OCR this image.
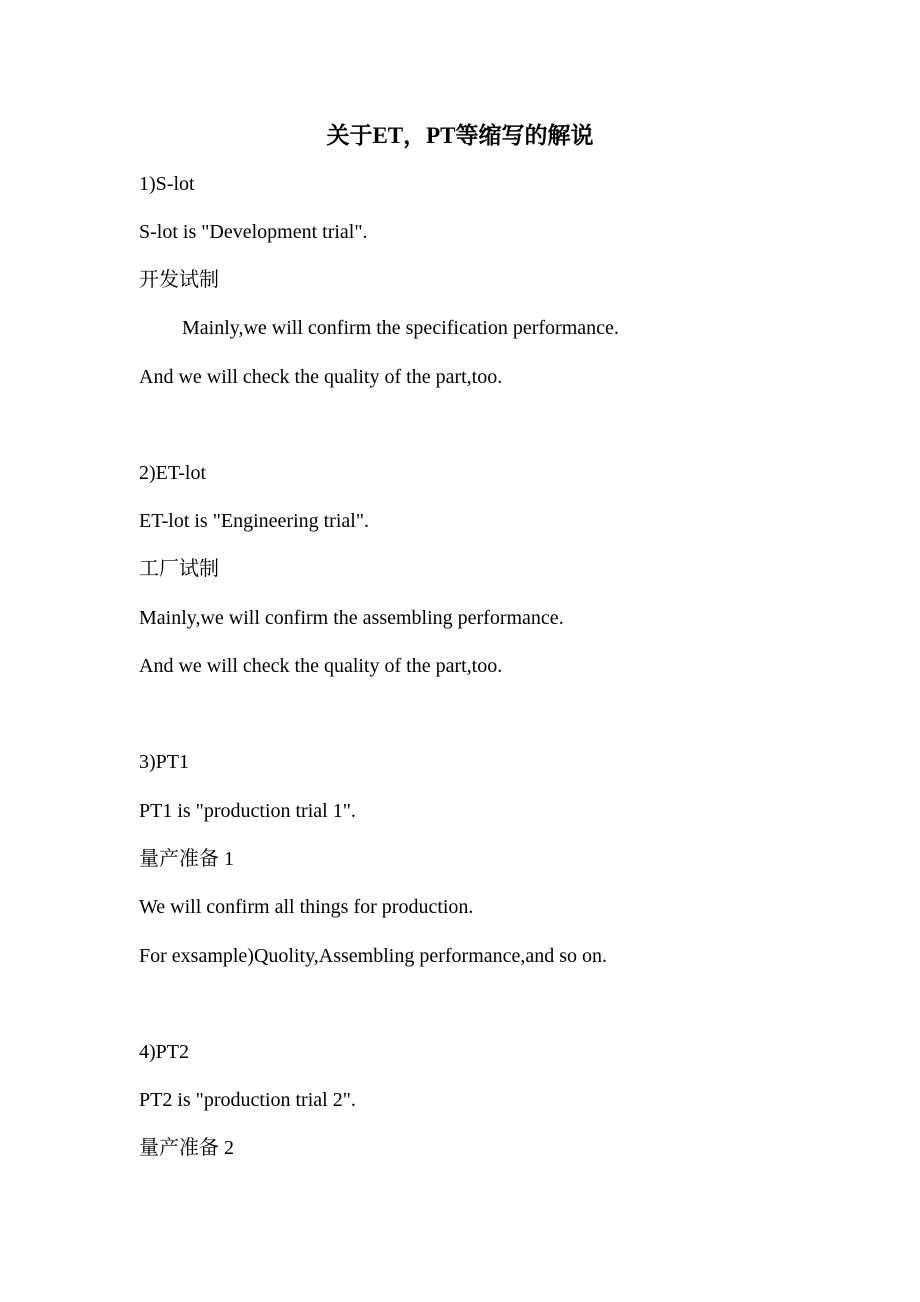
关于ET，PT等缩写的解说
1)S-lot
S-lot is "Development trial".
开发试制
Mainly,we will confirm the specification performance.
And we will check the quality of the part,too.
2)ET-lot
ET-lot is "Engineering trial".
工厂试制
Mainly,we will confirm the assembling performance.
And we will check the quality of the part,too.
3)PT1
PT1 is "production trial 1".
量产准备 1
We will confirm all things for production.
For exsample)Quolity,Assembling performance,and so on.
4)PT2
PT2 is "production trial 2".
量产准备 2
